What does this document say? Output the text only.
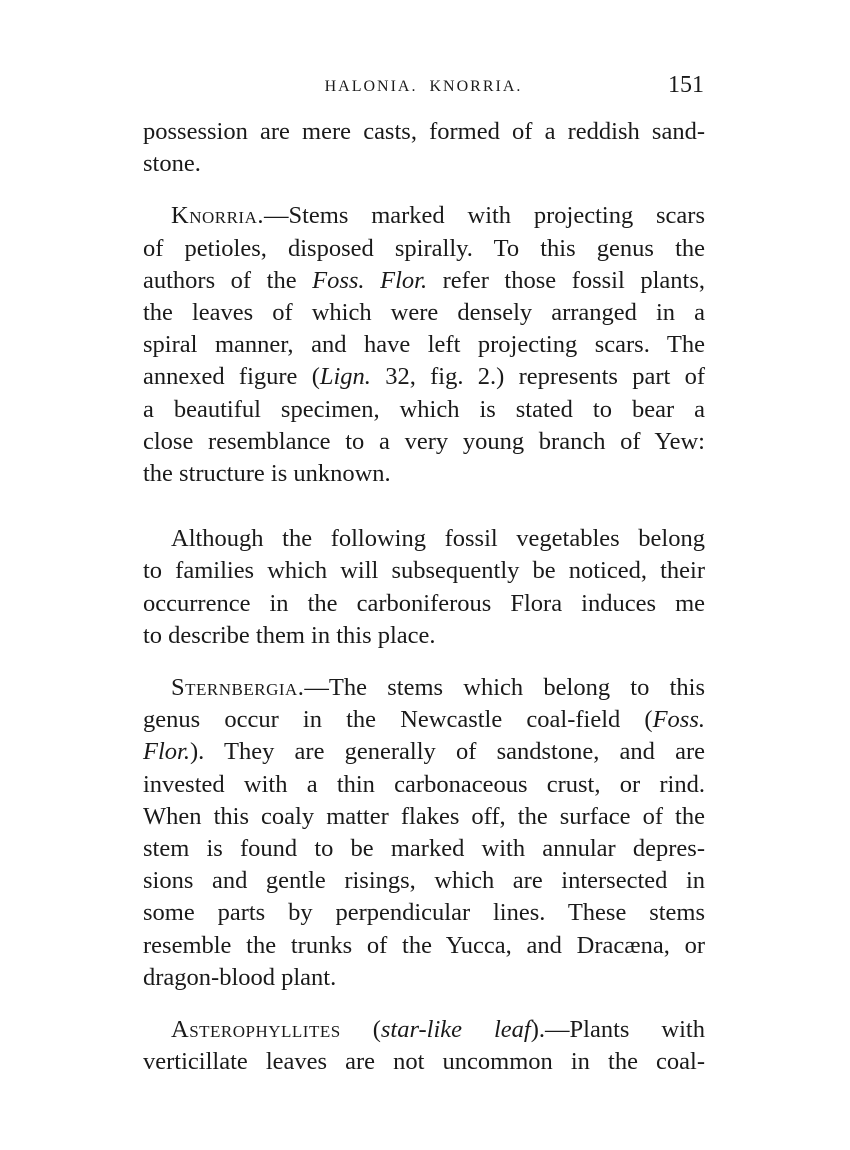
HALONIA. KNORRIA.	151

possession are mere casts, formed of a reddish sand-
stone.

Knorria.—Stems marked with projecting scars
of petioles, disposed spirally. To this genus the
authors of the Foss. Flor. refer those fossil plants,
the leaves of which were densely arranged in a
spiral manner, and have left projecting scars. The
annexed figure (Lign. 32, fig. 2.) represents part of
a beautiful specimen, which is stated to bear a
close resemblance to a very young branch of Yew:
the structure is unknown.

Although the following fossil vegetables belong
to families which will subsequently be noticed, their
occurrence in the carboniferous Flora induces me
to describe them in this place.

Sternbergia.—The stems which belong to this
genus occur in the Newcastle coal-field (Foss.
Flor.). They are generally of sandstone, and are
invested with a thin carbonaceous crust, or rind.
When this coaly matter flakes off, the surface of the
stem is found to be marked with annular depres-
sions and gentle risings, which are intersected in
some parts by perpendicular lines. These stems
resemble the trunks of the Yucca, and Dracæna, or
dragon-blood plant.

Asterophyllites (star-like leaf).—Plants with
verticillate leaves are not uncommon in the coal-
